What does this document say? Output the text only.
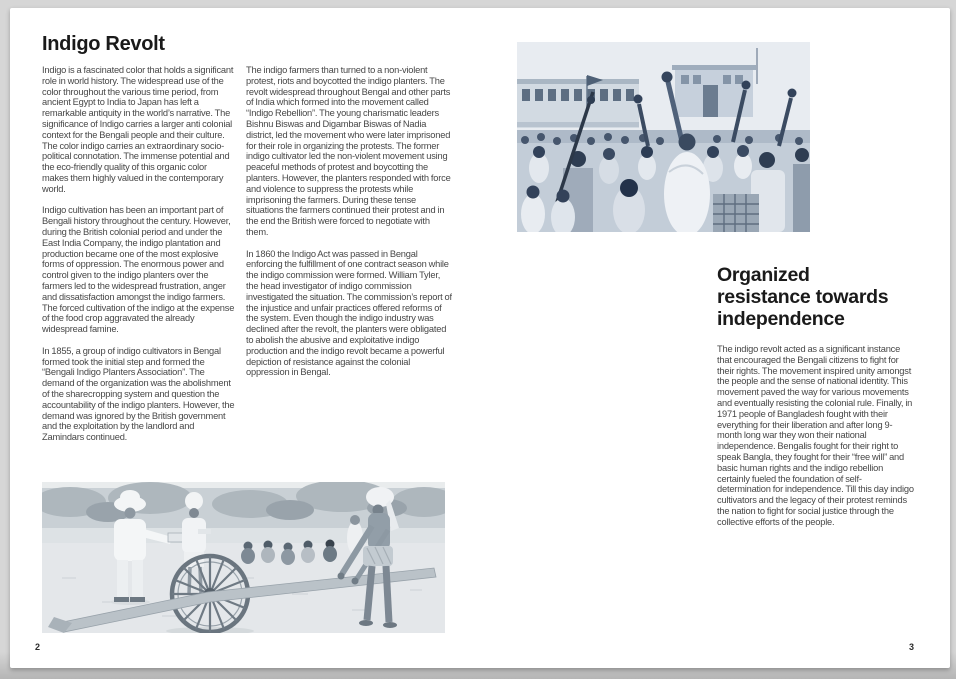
Indigo Revolt

Indigo is a fascinated color that holds a significant role in world history. The widespread use of the color throughout the various time period, from ancient Egypt to India to Japan has left a remarkable antiquity in the world’s narrative. The significance of Indigo carries a larger anti colonial context for the Bengali people and their culture. The color indigo carries an extraordinary socio-political connotation. The immense potential and the eco-friendly quality of this organic color makes them highly valued in the contemporary world.

Indigo cultivation has been an important part of Bengali history throughout the century. However, during the British colonial period and under the East India Company, the indigo plantation and production became one of the most explosive forms of oppression. The enormous power and control given to the indigo planters over the farmers led to the widespread frustration, anger and dissatisfaction amongst the indigo farmers. The forced cultivation of the indigo at the expense of the food crop aggravated the already widespread famine.

In 1855, a group of indigo cultivators in Bengal formed took the initial step and formed the “Bengali Indigo Planters Association”. The demand of the organization was the abolishment of the sharecropping system and question the accountability of the indigo planters. However, the demand was ignored by the British government and the exploitation by the landlord and Zamindars continued.

The indigo farmers than turned to a non-violent protest, riots and boycotted the indigo planters. The revolt widespread throughout Bengal and other parts of India which formed into the movement called “Indigo Rebellion”. The young charismatic leaders Bishnu Biswas and Digambar Biswas of Nadia district, led the movement who were later imprisoned for their role in organizing the protests. The former indigo cultivator led the non-violent movement using peaceful methods of protest and boycotting the planters. However, the planters responded with force and violence to suppress the protests while imprisoning the farmers. During these tense situations the farmers continued their protest and in the end the British were forced to negotiate with them.

In 1860 the Indigo Act was passed in Bengal enforcing the fulfillment of one contract season while the indigo commission were formed. William Tyler, the head investigator of indigo commission investigated the situation. The commission’s report of the injustice and unfair practices offered reforms of the system. Even though the indigo industry was declined after the revolt, the planters were obligated to abolish the abusive and exploitative indigo production and the indigo revolt became a powerful depiction of resistance against the colonial oppression in Bengal.

2
Organized
resistance towards
independence

The indigo revolt acted as a significant instance that encouraged the Bengali citizens to fight for their rights. The movement inspired unity amongst the people and the sense of national identity. This movement paved the way for various movements and eventually resisting the colonial rule. Finally, in 1971 people of Bangladesh fought with their everything for their liberation and after long 9-month long war they won their national independence. Bengalis fought for their right to speak Bangla, they fought for their “free will” and basic human rights and the indigo rebellion certainly fueled the foundation of self-determination for independence. Till this day indigo cultivators and the legacy of their protest reminds the nation to fight for social justice through the collective efforts of the people.

3
